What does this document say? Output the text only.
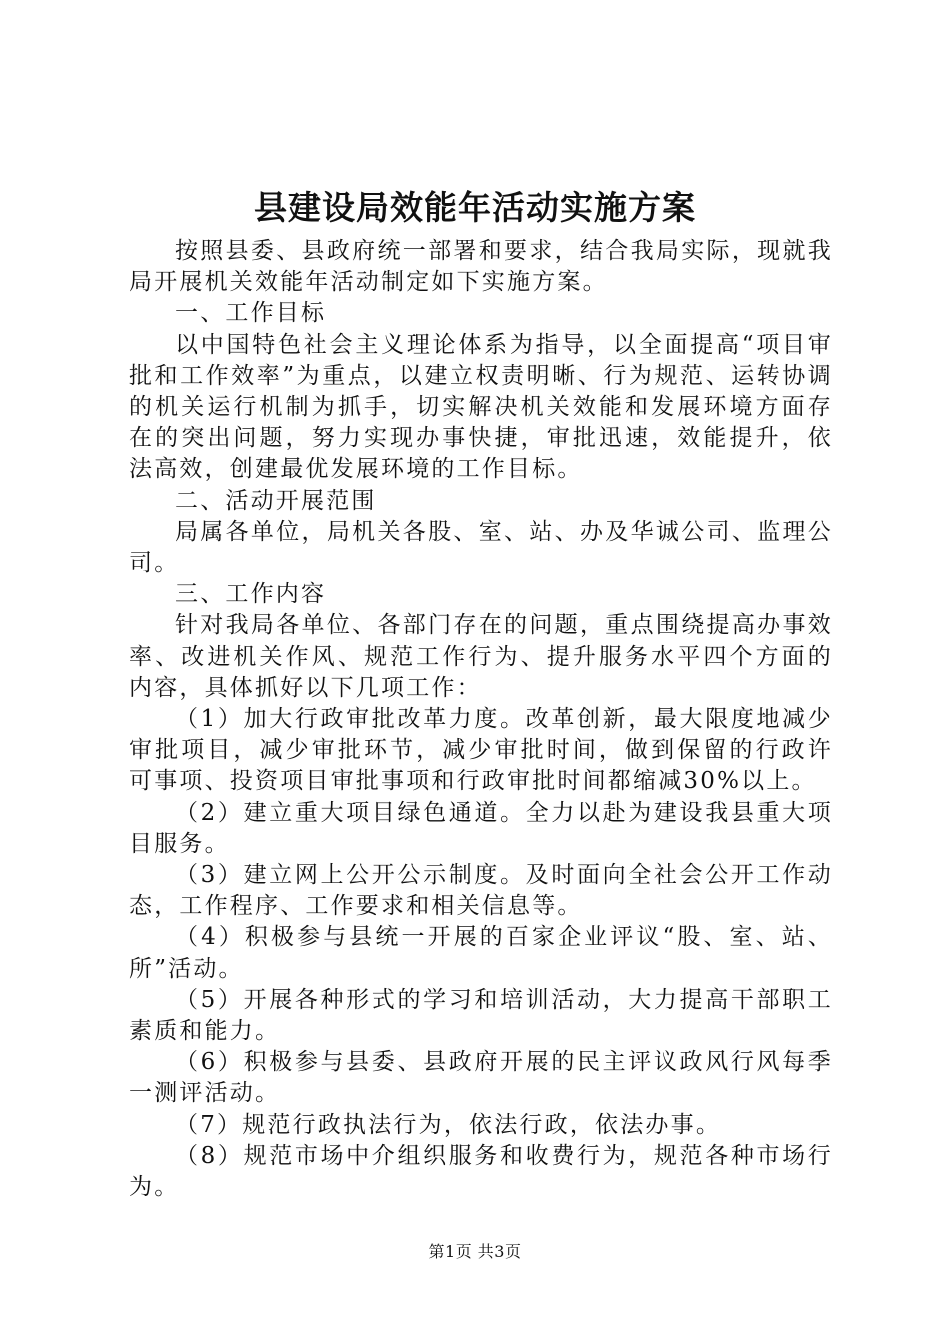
县建设局效能年活动实施方案

按照县委、县政府统一部署和要求，结合我局实际，现就我局开展机关效能年活动制定如下实施方案。

一、工作目标

以中国特色社会主义理论体系为指导，以全面提高“项目审批和工作效率”为重点，以建立权责明晰、行为规范、运转协调的机关运行机制为抓手，切实解决机关效能和发展环境方面存在的突出问题，努力实现办事快捷，审批迅速，效能提升，依法高效，创建最优发展环境的工作目标。

二、活动开展范围

局属各单位，局机关各股、室、站、办及华诚公司、监理公司。

三、工作内容

针对我局各单位、各部门存在的问题，重点围绕提高办事效率、改进机关作风、规范工作行为、提升服务水平四个方面的内容，具体抓好以下几项工作：

（1）加大行政审批改革力度。改革创新，最大限度地减少审批项目，减少审批环节，减少审批时间，做到保留的行政许可事项、投资项目审批事项和行政审批时间都缩减30%以上。

（2）建立重大项目绿色通道。全力以赴为建设我县重大项目服务。

（3）建立网上公开公示制度。及时面向全社会公开工作动态，工作程序、工作要求和相关信息等。

（4）积极参与县统一开展的百家企业评议“股、室、站、所”活动。

（5）开展各种形式的学习和培训活动，大力提高干部职工素质和能力。

（6）积极参与县委、县政府开展的民主评议政风行风每季一测评活动。

（7）规范行政执法行为，依法行政，依法办事。

（8）规范市场中介组织服务和收费行为，规范各种市场行为。

第1页 共3页
